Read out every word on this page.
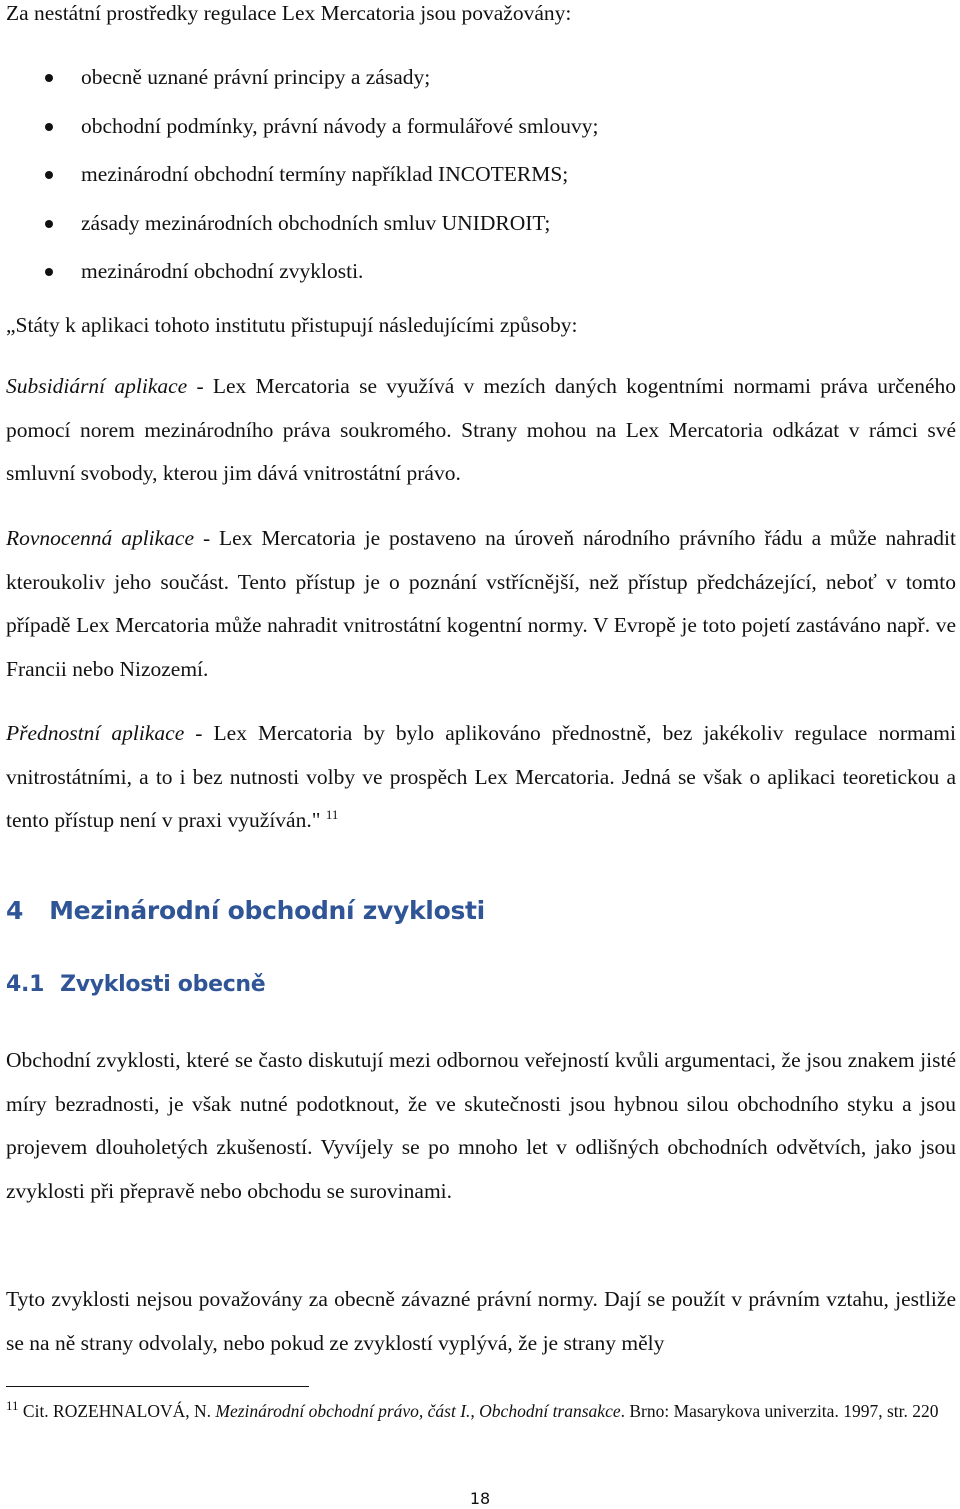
Za nestátní prostředky regulace Lex Mercatoria jsou považovány:

obecně uznané právní principy a zásady;
obchodní podmínky, právní návody a formulářové smlouvy;
mezinárodní obchodní termíny například INCOTERMS;
zásady mezinárodních obchodních smluv UNIDROIT;
mezinárodní obchodní zvyklosti.

„Státy k aplikaci tohoto institutu přistupují následujícími způsoby:

Subsidiární aplikace - Lex Mercatoria se využívá v mezích daných kogentními normami práva určeného pomocí norem mezinárodního práva soukromého. Strany mohou na Lex Mercatoria odkázat v rámci své smluvní svobody, kterou jim dává vnitrostátní právo.

Rovnocenná aplikace - Lex Mercatoria je postaveno na úroveň národního právního řádu a může nahradit kteroukoliv jeho součást. Tento přístup je o poznání vstřícnější, než přístup předcházející, neboť v tomto případě Lex Mercatoria může nahradit vnitrostátní kogentní normy. V Evropě je toto pojetí zastáváno např. ve Francii nebo Nizozemí.

Přednostní aplikace - Lex Mercatoria by bylo aplikováno přednostně, bez jakékoliv regulace normami vnitrostátními, a to i bez nutnosti volby ve prospěch Lex Mercatoria. Jedná se však o aplikaci teoretickou a tento přístup není v praxi využíván." $^{11}$

4 Mezinárodní obchodní zvyklosti
4.1 Zvyklosti obecně

Obchodní zvyklosti, které se často diskutují mezi odbornou veřejností kvůli argumentaci, že jsou znakem jisté míry bezradnosti, je však nutné podotknout, že ve skutečnosti jsou hybnou silou obchodního styku a jsou projevem dlouholetých zkušeností. Vyvíjely se po mnoho let v odlišných obchodních odvětvích, jako jsou zvyklosti při přepravě nebo obchodu se surovinami.

Tyto zvyklosti nejsou považovány za obecně závazné právní normy. Dají se použít v právním vztahu, jestliže se na ně strany odvolaly, nebo pokud ze zvyklostí vyplývá, že je strany měly

$^{11}$ Cit. ROZEHNALOVÁ, N. Mezinárodní obchodní právo, část I., Obchodní transakce. Brno: Masarykova univerzita. 1997, str. 220

18
